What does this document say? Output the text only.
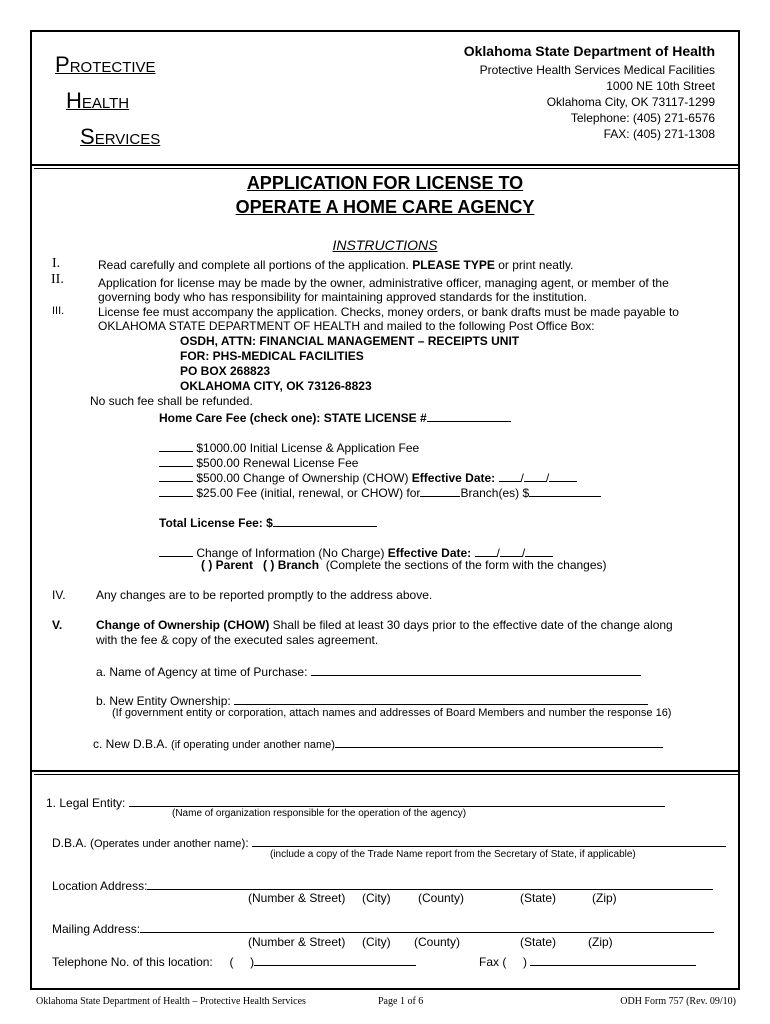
PROTECTIVE
HEALTH
SERVICES
Oklahoma State Department of Health
Protective Health Services Medical Facilities
1000 NE 10th Street
Oklahoma City, OK 73117-1299
Telephone: (405) 271-6576
FAX: (405) 271-1308
APPLICATION FOR LICENSE TO
OPERATE A HOME CARE AGENCY
INSTRUCTIONS
I.	Read carefully and complete all portions of the application. PLEASE TYPE or print neatly.
II.	Application for license may be made by the owner, administrative officer, managing agent, or member of the
governing body who has responsibility for maintaining approved standards for the institution.
III.	License fee must accompany the application. Checks, money orders, or bank drafts must be made payable to
OKLAHOMA STATE DEPARTMENT OF HEALTH and mailed to the following Post Office Box:
OSDH, ATTN: FINANCIAL MANAGEMENT – RECEIPTS UNIT
FOR: PHS-MEDICAL FACILITIES
PO BOX 268823
OKLAHOMA CITY, OK 73126-8823
No such fee shall be refunded.
Home Care Fee (check one): STATE LICENSE #
$1000.00 Initial License & Application Fee
$500.00 Renewal License Fee
$500.00 Change of Ownership (CHOW) Effective Date: / /
$25.00 Fee (initial, renewal, or CHOW) for	Branch(es) $
Total License Fee: $
Change of Information (No Charge) Effective Date: / /
( ) Parent ( ) Branch (Complete the sections of the form with the changes)
IV.	Any changes are to be reported promptly to the address above.
V.	Change of Ownership (CHOW) Shall be filed at least 30 days prior to the effective date of the change along
with the fee & copy of the executed sales agreement.
a. Name of Agency at time of Purchase:
b. New Entity Ownership:
(If government entity or corporation, attach names and addresses of Board Members and number the response 16)
c. New D.B.A. (if operating under another name)
1. Legal Entity:
(Name of organization responsible for the operation of the agency)
D.B.A. (Operates under another name):
(include a copy of the Trade Name report from the Secretary of State, if applicable)
Location Address:
(Number & Street) (City) (County)	(State)	(Zip)
Mailing Address:
(Number & Street) (City) (County)	(State)	(Zip)
Telephone No. of this location: ( )	Fax ( )
Oklahoma State Department of Health – Protective Health Services	Page 1 of 6	ODH Form 757 (Rev. 09/10)
